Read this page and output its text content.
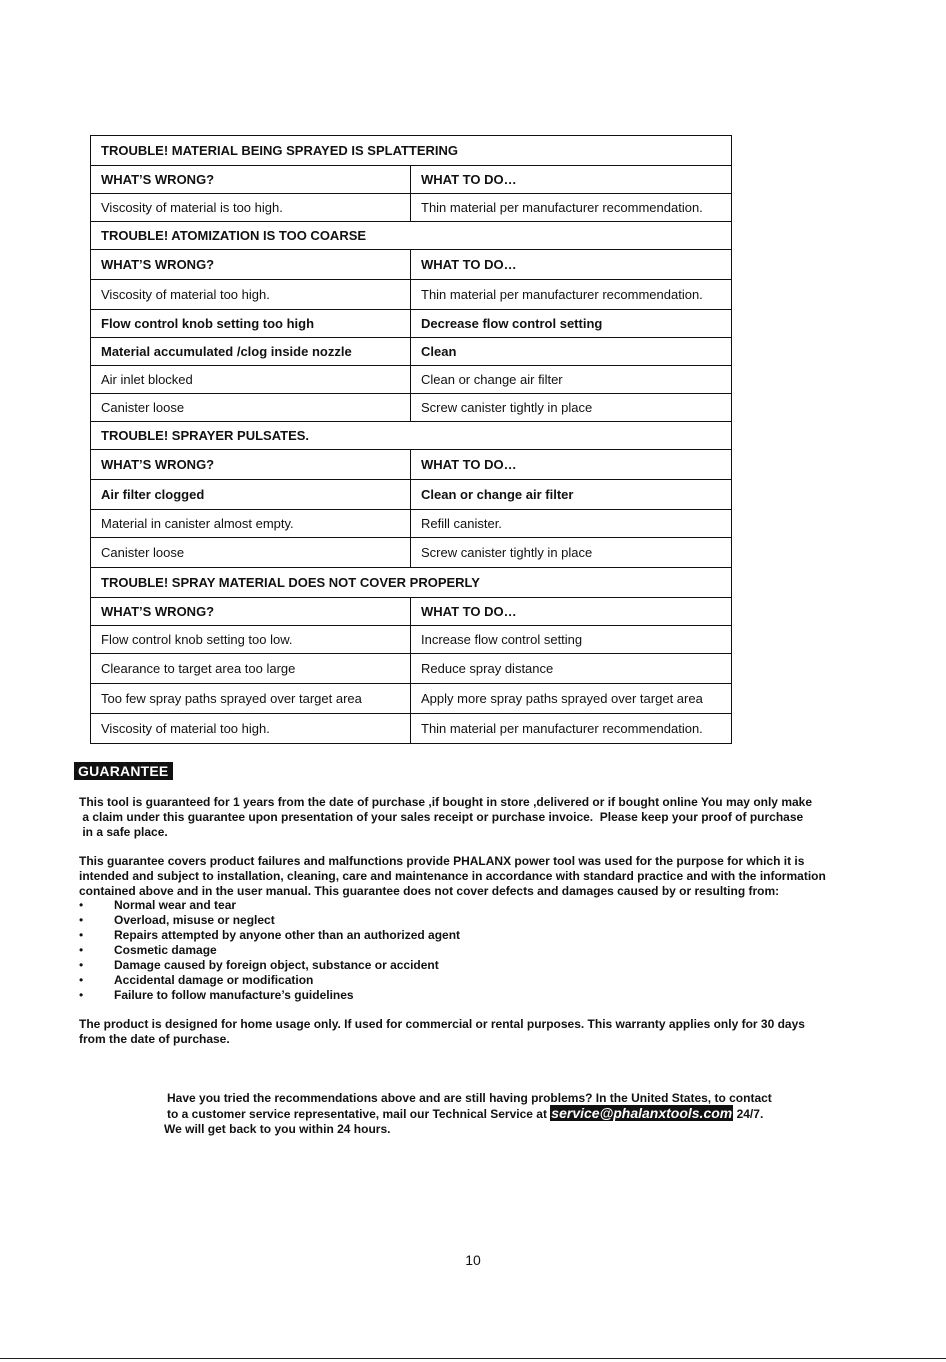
TROUBLE! MATERIAL BEING SPRAYED IS SPLATTERING	
WHAT’S WRONG?	WHAT TO DO…
Viscosity of material is too high.	Thin material per manufacturer recommendation.
TROUBLE! ATOMIZATION IS TOO COARSE	
WHAT’S WRONG?	WHAT TO DO…
Viscosity of material too high.	Thin material per manufacturer recommendation.
Flow control knob setting too high	Decrease flow control setting
Material accumulated /clog inside nozzle	Clean
Air inlet blocked	Clean or change air filter
Canister loose	Screw canister tightly in place
TROUBLE! SPRAYER PULSATES.	
WHAT’S WRONG?	WHAT TO DO…
Air filter clogged	Clean or change air filter
Material in canister almost empty.	Refill canister.
Canister loose	Screw canister tightly in place
TROUBLE! SPRAY MATERIAL DOES NOT COVER PROPERLY	
WHAT’S WRONG?	WHAT TO DO…
Flow control knob setting too low.	Increase flow control setting
Clearance to target area too large	Reduce spray distance
Too few spray paths sprayed over target area	Apply more spray paths sprayed over target area
Viscosity of material too high.	Thin material per manufacturer recommendation.
GUARANTEE
This tool is guaranteed for 1 years from the date of purchase ,if bought in store ,delivered or if bought online You may only make
a claim under this guarantee upon presentation of your sales receipt or purchase invoice.  Please keep your proof of purchase
in a safe place.
This guarantee covers product failures and malfunctions provide PHALANX power tool was used for the purpose for which it is
intended and subject to installation, cleaning, care and maintenance in accordance with standard practice and with the information
contained above and in the user manual. This guarantee does not cover defects and damages caused by or resulting from:
•	Normal wear and tear
•	Overload, misuse or neglect
•	Repairs attempted by anyone other than an authorized agent
•	Cosmetic damage
•	Damage caused by foreign object, substance or accident
•	Accidental damage or modification
•	Failure to follow manufacture’s guidelines
The product is designed for home usage only. If used for commercial or rental purposes. This warranty applies only for 30 days
from the date of purchase.
Have you tried the recommendations above and are still having problems? In the United States, to contact
to a customer service representative, mail our Technical Service at service@phalanxtools.com 24/7.
We will get back to you within 24 hours.
10
